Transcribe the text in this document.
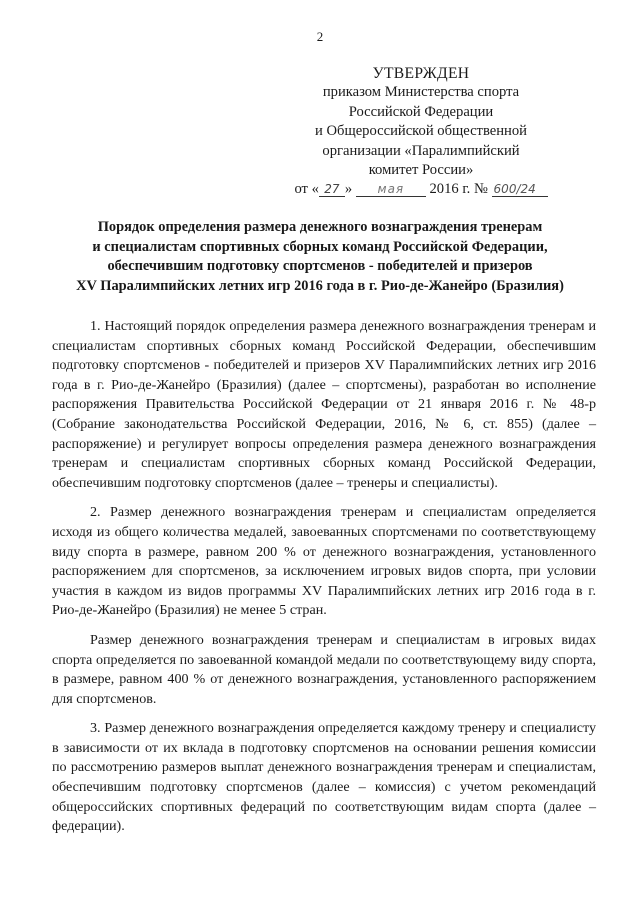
2
УТВЕРЖДЕН
приказом Министерства спорта
Российской Федерации
и Общероссийской общественной
организации «Паралимпийский
комитет России»
от « 27 » мая 2016 г. № 600/24
Порядок определения размера денежного вознаграждения тренерам
и специалистам спортивных сборных команд Российской Федерации,
обеспечившим подготовку спортсменов - победителей и призеров
XV Паралимпийских летних игр 2016 года в г. Рио-де-Жанейро (Бразилия)

1. Настоящий порядок определения размера денежного вознаграждения тренерам и специалистам спортивных сборных команд Российской Федерации, обеспечившим подготовку спортсменов - победителей и призеров XV Паралимпийских летних игр 2016 года в г. Рио-де-Жанейро (Бразилия) (далее – спортсмены), разработан во исполнение распоряжения Правительства Российской Федерации от 21 января 2016 г. № 48-р (Собрание законодательства Российской Федерации, 2016, № 6, ст. 855) (далее – распоряжение) и регулирует вопросы определения размера денежного вознаграждения тренерам и специалистам спортивных сборных команд Российской Федерации, обеспечившим подготовку спортсменов (далее – тренеры и специалисты).

2. Размер денежного вознаграждения тренерам и специалистам определяется исходя из общего количества медалей, завоеванных спортсменами по соответствующему виду спорта в размере, равном 200 % от денежного вознаграждения, установленного распоряжением для спортсменов, за исключением игровых видов спорта, при условии участия в каждом из видов программы XV Паралимпийских летних игр 2016 года в г. Рио-де-Жанейро (Бразилия) не менее 5 стран.

Размер денежного вознаграждения тренерам и специалистам в игровых видах спорта определяется по завоеванной командой медали по соответствующему виду спорта, в размере, равном 400 % от денежного вознаграждения, установленного распоряжением для спортсменов.

3. Размер денежного вознаграждения определяется каждому тренеру и специалисту в зависимости от их вклада в подготовку спортсменов на основании решения комиссии по рассмотрению размеров выплат денежного вознаграждения тренерам и специалистам, обеспечившим подготовку спортсменов (далее – комиссия) с учетом рекомендаций общероссийских спортивных федераций по соответствующим видам спорта (далее – федерации).
